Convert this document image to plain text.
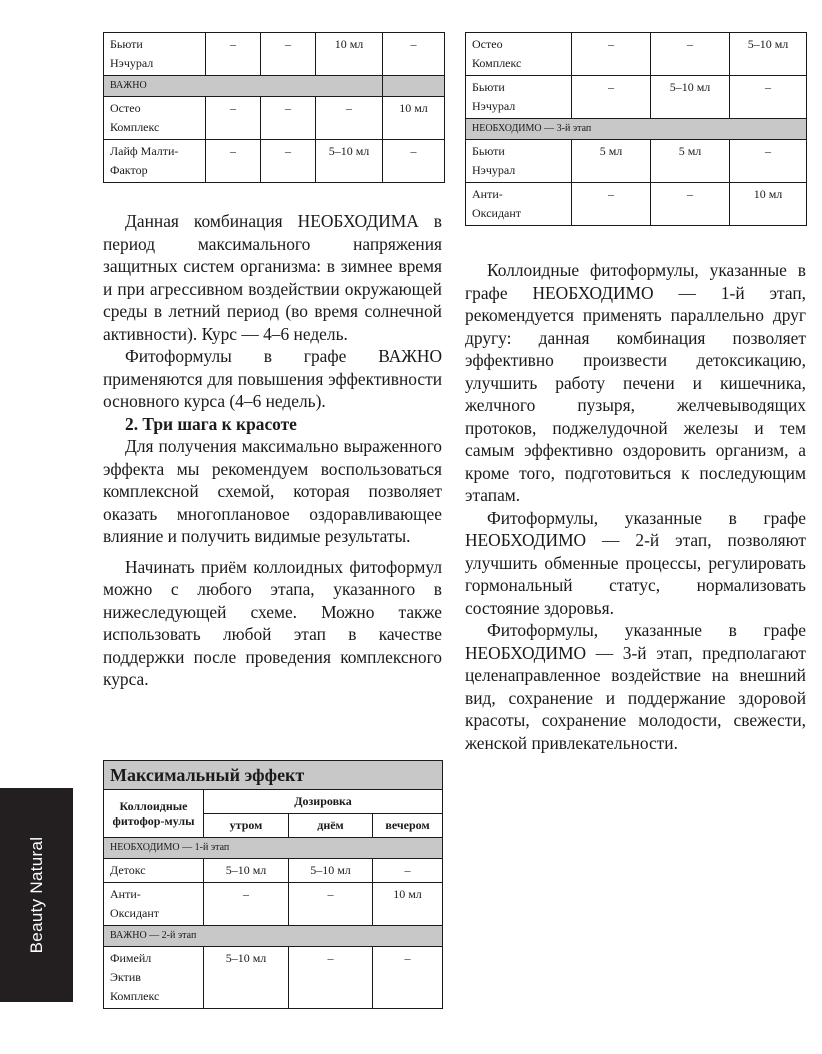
Бьюти
Нэчурал	–	–	10 мл	–
ВАЖНО				
Остео
Комплекс	–	–	–	10 мл
Лайф Малти-
Фактор	–	–	5–10 мл	–
Остео
Комплекс	–	–	5–10 мл
Бьюти
Нэчурал	–	5–10 мл	–
НЕОБХОДИМО — 3-й этап			
Бьюти
Нэчурал	5 мл	5 мл	–
Анти-
Оксидант	–	–	10 мл

Данная комбинация НЕОБХОДИМА в период максимального напряжения защитных систем организма: в зимнее время и при агрессивном воздействии окружающей среды в летний период (во время солнечной активности). Курс — 4–6 недель.

Фитоформулы в графе ВАЖНО применяются для повышения эффективности основного курса (4–6 недель).

2. Три шага к красоте

Для получения максимально выраженного эффекта мы рекомендуем воспользоваться комплексной схемой, которая позволяет оказать многоплановое оздоравливающее влияние и получить видимые результаты.

Начинать приём коллоидных фитоформул можно с любого этапа, указанного в нижеследующей схеме. Можно также использовать любой этап в качестве поддержки после проведения комплексного курса.

Коллоидные фитоформулы, указанные в графе НЕОБХОДИМО — 1-й этап, рекомендуется применять параллельно друг другу: данная комбинация позволяет эффективно произвести детоксикацию, улучшить работу печени и кишечника, желчного пузыря, желчевыводящих протоков, поджелудочной железы и тем самым эффективно оздоровить организм, а кроме того, подготовиться к последующим этапам.

Фитоформулы, указанные в графе НЕОБХОДИМО — 2-й этап, позволяют улучшить обменные процессы, регулировать гормональный статус, нормализовать состояние здоровья.

Фитоформулы, указанные в графе НЕОБХОДИМО — 3-й этап, предполагают целенаправленное воздействие на внешний вид, сохранение и поддержание здоровой красоты, сохранение молодости, свежести, женской привлекательности.

Максимальный эффект			
Коллоидные фитофор-мулы	Дозировка		
	утром	днём	вечером
НЕОБХОДИМО — 1-й этап			
Детокс	5–10 мл	5–10 мл	–
Анти-
Оксидант	–	–	10 мл
ВАЖНО — 2-й этап			
Фимейл
Эктив
Комплекс	5–10 мл	–	–
Beauty Natural
